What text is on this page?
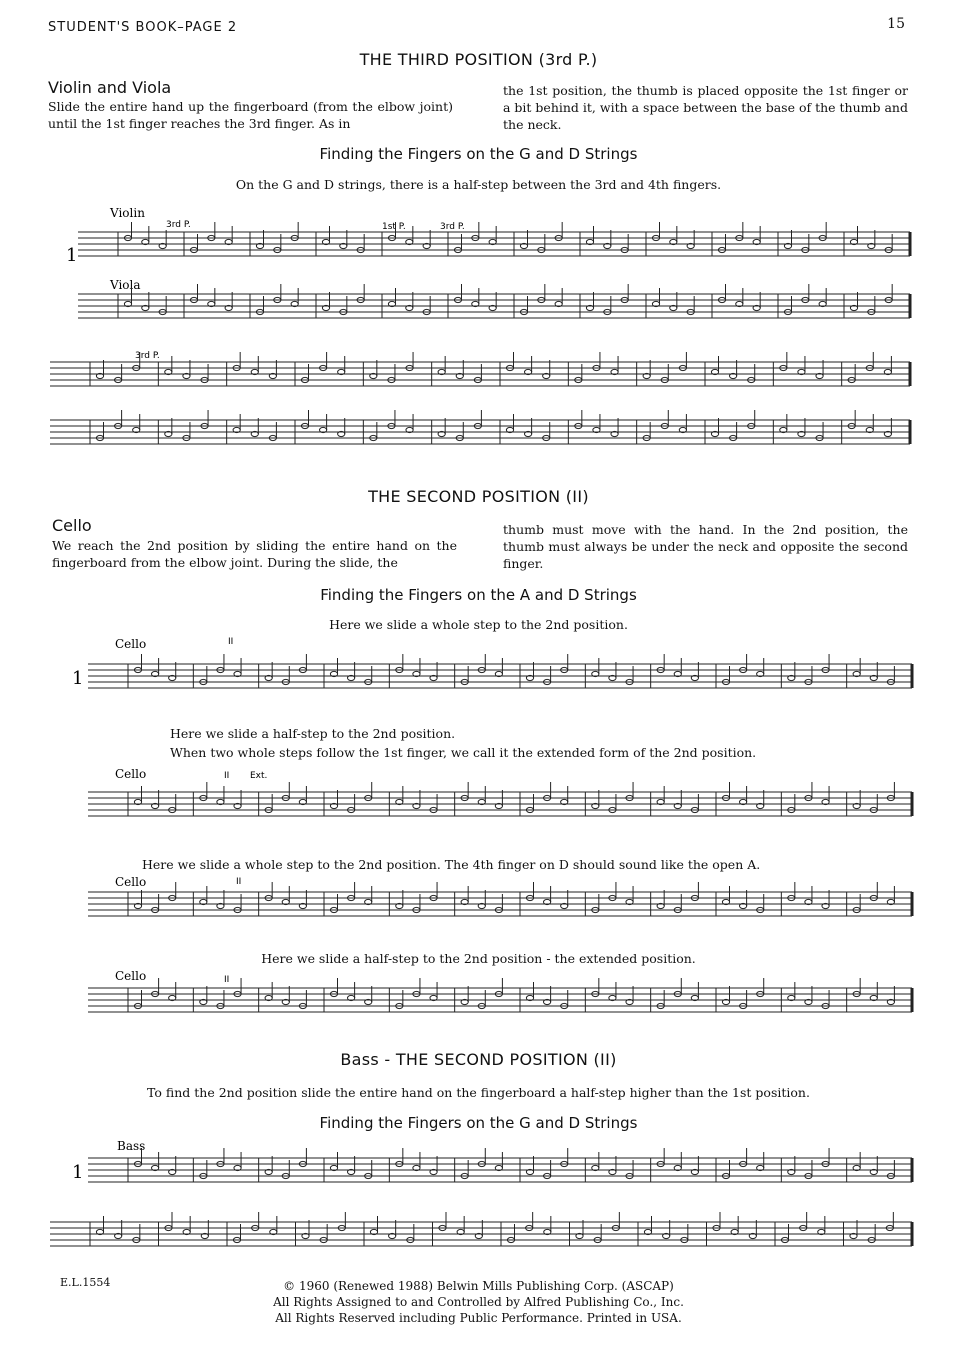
STUDENT'S BOOK–PAGE 2	15
THE THIRD POSITION (3rd P.)
Violin and Viola
Slide the entire hand up the fingerboard (from the elbow joint) until the 1st finger reaches the 3rd finger. As in
the 1st position, the thumb is placed opposite the 1st finger or a bit behind it, with a space between the base of the thumb and the neck.
Finding the Fingers on the G and D Strings
On the G and D strings, there is a half-step between the 3rd and 4th fingers.
Violin
3rd P.	1st P.	3rd P.
1
Viola
3rd P.
THE SECOND POSITION (II)
Cello
We reach the 2nd position by sliding the entire hand on the fingerboard from the elbow joint. During the slide, the
thumb must move with the hand. In the 2nd position, the thumb must always be under the neck and opposite the second finger.
Finding the Fingers on the A and D Strings
Here we slide a whole step to the 2nd position.
Cello
1
II
Here we slide a half-step to the 2nd position.
When two whole steps follow the 1st finger, we call it the extended form of the 2nd position.
Cello	II Ext.
Here we slide a whole step to the 2nd position. The 4th finger on D should sound like the open A.
Cello	II
Here we slide a half-step to the 2nd position - the extended position.
Cello	II
Bass - THE SECOND POSITION (II)
To find the 2nd position slide the entire hand on the fingerboard a half-step higher than the 1st position.
Finding the Fingers on the G and D Strings
Bass
1
E.L.1554	© 1960 (Renewed 1988) Belwin Mills Publishing Corp. (ASCAP)
All Rights Assigned to and Controlled by Alfred Publishing Co., Inc.
All Rights Reserved including Public Performance. Printed in USA.
